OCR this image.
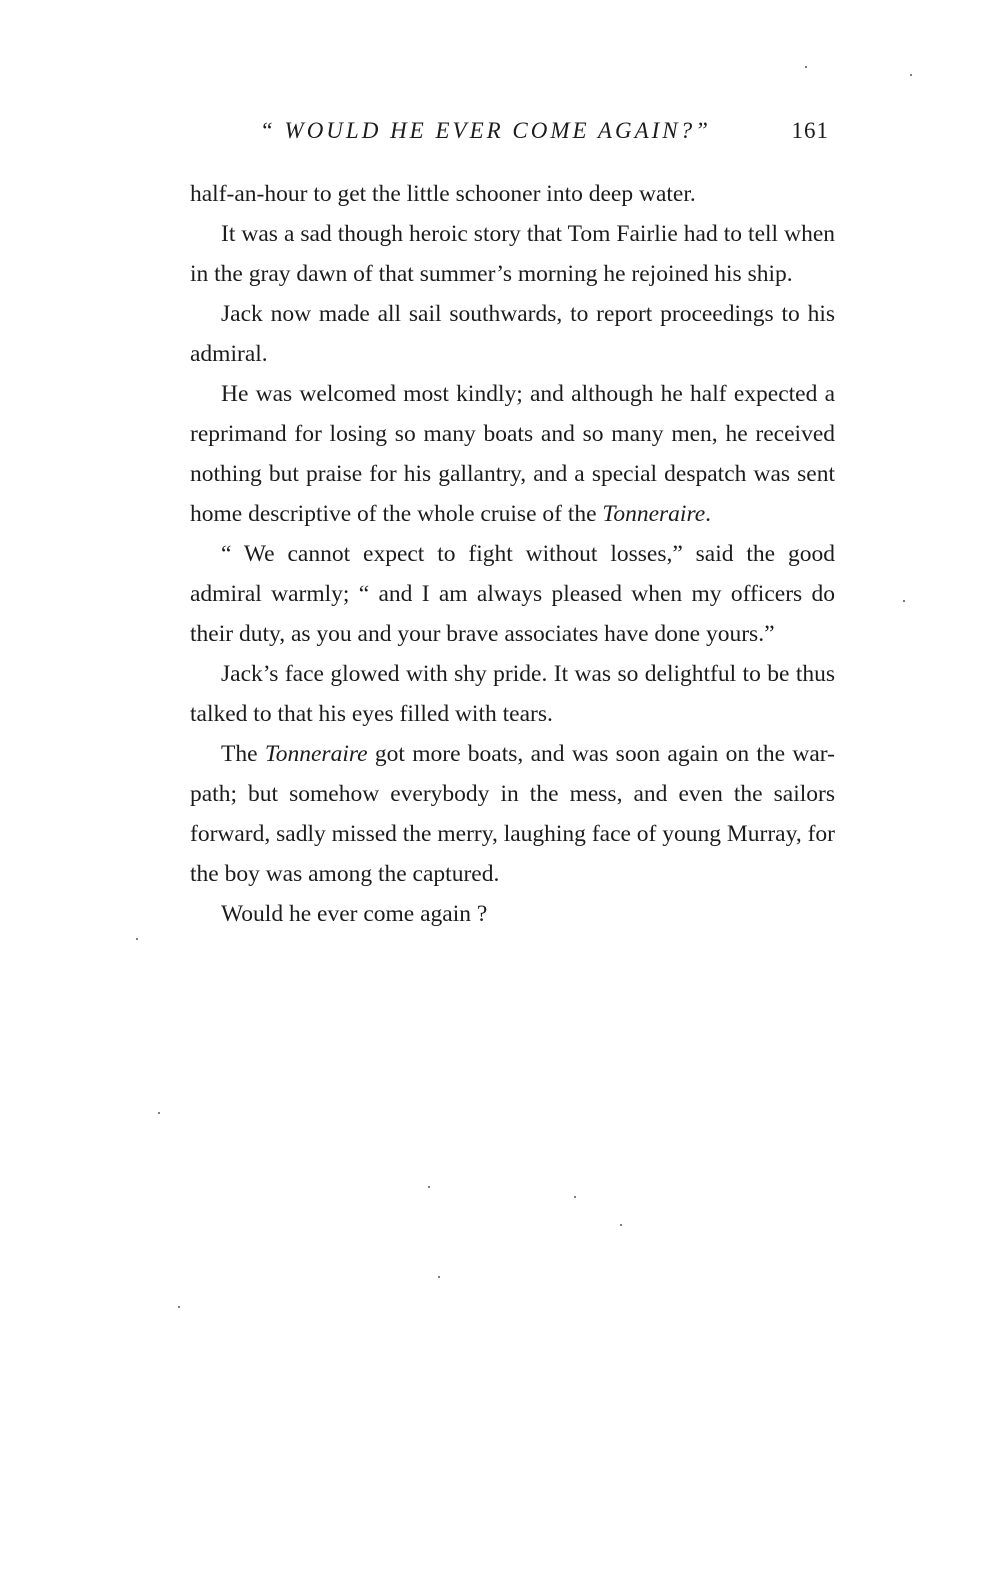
“ WOULD HE EVER COME AGAIN?”	161

half-an-hour to get the little schooner into deep water.

It was a sad though heroic story that Tom Fairlie had to tell when in the gray dawn of that summer’s morning he rejoined his ship.

Jack now made all sail southwards, to report proceedings to his admiral.

He was welcomed most kindly; and although he half expected a reprimand for losing so many boats and so many men, he received nothing but praise for his gallantry, and a special despatch was sent home descriptive of the whole cruise of the Tonneraire.

“ We cannot expect to fight without losses,” said the good admiral warmly; “ and I am always pleased when my officers do their duty, as you and your brave associates have done yours.”

Jack’s face glowed with shy pride. It was so delightful to be thus talked to that his eyes filled with tears.

The Tonneraire got more boats, and was soon again on the war-path; but somehow everybody in the mess, and even the sailors forward, sadly missed the merry, laughing face of young Murray, for the boy was among the captured.

Would he ever come again ?
